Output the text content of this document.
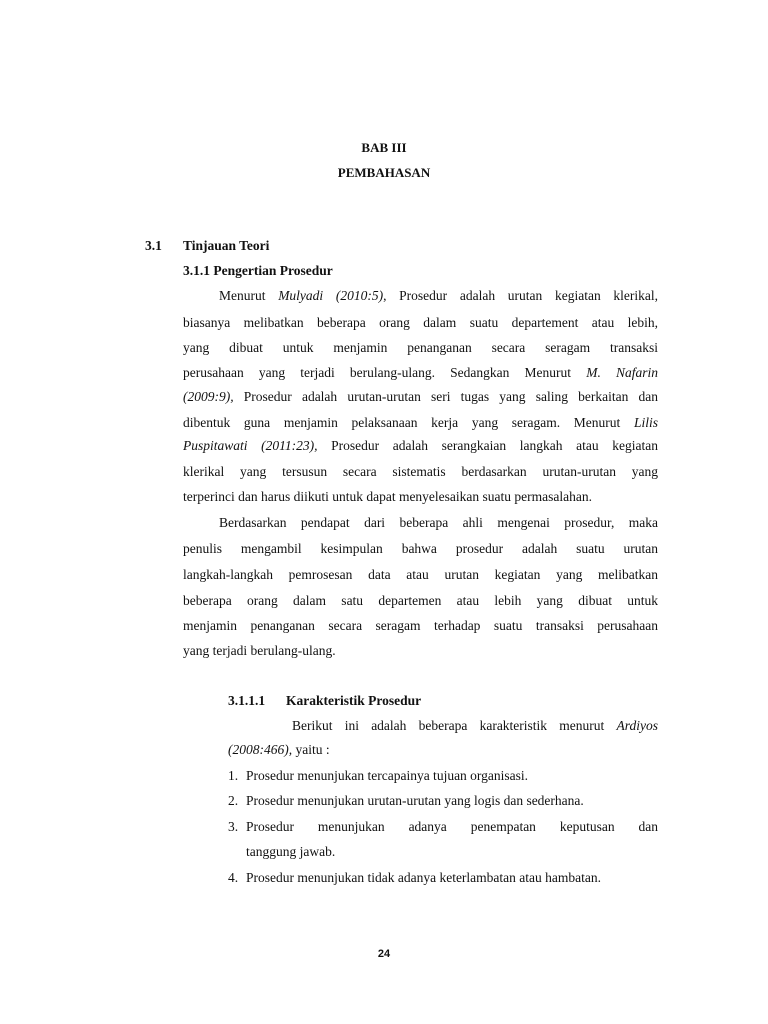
BAB III
PEMBAHASAN
3.1 Tinjauan Teori
3.1.1 Pengertian Prosedur
Menurut Mulyadi (2010:5), Prosedur adalah urutan kegiatan klerikal,
biasanya melibatkan beberapa orang dalam suatu departement atau lebih,
yang dibuat untuk menjamin penanganan secara seragam transaksi
perusahaan yang terjadi berulang-ulang. Sedangkan Menurut M. Nafarin
(2009:9), Prosedur adalah urutan-urutan seri tugas yang saling berkaitan dan
dibentuk guna menjamin pelaksanaan kerja yang seragam. Menurut Lilis
Puspitawati (2011:23), Prosedur adalah serangkaian langkah atau kegiatan
klerikal yang tersusun secara sistematis berdasarkan urutan-urutan yang
terperinci dan harus diikuti untuk dapat menyelesaikan suatu permasalahan.
Berdasarkan pendapat dari beberapa ahli mengenai prosedur, maka
penulis mengambil kesimpulan bahwa prosedur adalah suatu urutan
langkah-langkah pemrosesan data atau urutan kegiatan yang melibatkan
beberapa orang dalam satu departemen atau lebih yang dibuat untuk
menjamin penanganan secara seragam terhadap suatu transaksi perusahaan
yang terjadi berulang-ulang.
3.1.1.1 Karakteristik Prosedur
Berikut ini adalah beberapa karakteristik menurut Ardiyos
(2008:466), yaitu :
1. Prosedur menunjukan tercapainya tujuan organisasi.
2. Prosedur menunjukan urutan-urutan yang logis dan sederhana.
3. Prosedur menunjukan adanya penempatan keputusan dan
tanggung jawab.
4. Prosedur menunjukan tidak adanya keterlambatan atau hambatan.
24
